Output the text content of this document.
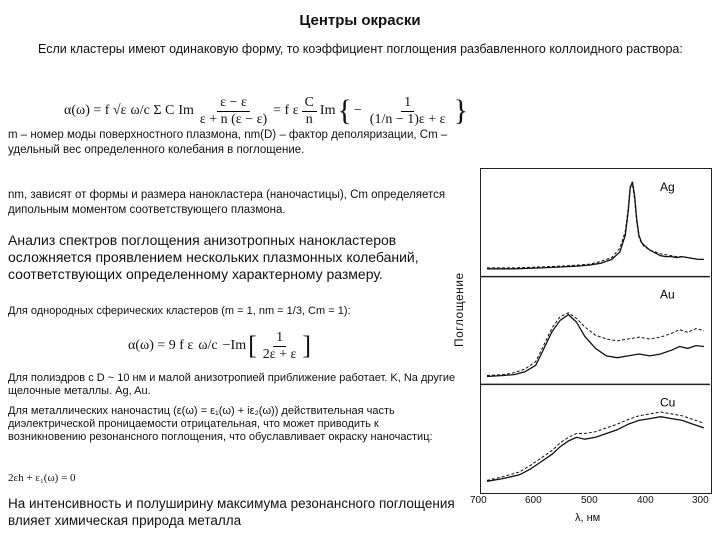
Центры окраски
Если кластеры имеют одинаковую форму, то коэффициент поглощения разбавленного коллоидного раствора:
α(ω) = f √ε ω/c Σ C Im $\frac{\varepsilon - \varepsilon}{\varepsilon + n (\varepsilon - \varepsilon)} = f$ ε $\frac{C}{n}$ Im { − $\frac{1}{(1/n - 1)\varepsilon + \varepsilon}$ }
m – номер моды поверхностного плазмона, nm(D) – фактор деполяризации, Cm – удельный вес определенного колебания в поглощение.
nm, зависят от формы и размера нанокластера (наночастицы), Cm определяется дипольным моментом соответствующего плазмона.
Анализ спектров поглощения анизотропных нанокластеров осложняется проявлением нескольких плазмонных колебаний, соответствующих определенному характерному размеру.
Для однородных сферических кластеров (m = 1, nm = 1/3, Cm = 1):
α(ω) = 9 f ε ω/c −Im [ $\frac{1}{2\varepsilon + \varepsilon}$ ]
Для полиэдров с D ~ 10 нм и малой анизотропией приближение работает. K, Na другие щелочные металлы. Ag, Au.
Для металлических наночастиц (ε(ω) = ε₁(ω) + iε₂(ω)) действительная часть диэлектрической проницаемости отрицательная, что может приводить к возникновению резонансного поглощения, что обуславливает окраску наночастиц:
2εh + ε₁(ω) = 0
На интенсивность и полуширину максимума резонансного поглощения влияет химическая природа металла
Поглощение
Ag
Au
Cu
700	600	500	400	300
λ, нм
